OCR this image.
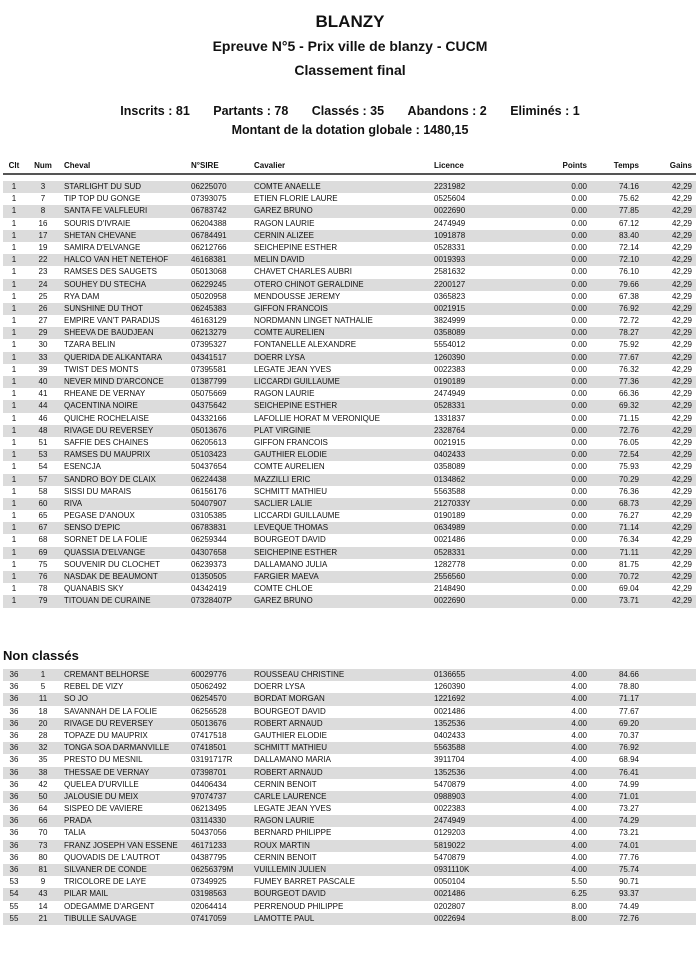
BLANZY
Epreuve N°5 - Prix ville de blanzy - CUCM
Classement final
Inscrits : 81 Partants : 78 Classés : 35 Abandons : 2 Eliminés : 1
Montant de la dotation globale : 1480,15
Clt	Num	Cheval	N°SIRE	Cavalier	Licence	Points	Temps	Gains
1	3	STARLIGHT DU SUD	06225070	COMTE ANAELLE	2231982	0.00	74.16	42,29
1	7	TIP TOP DU GONGE	07393075	ETIEN FLORIE LAURE	0525604	0.00	75.62	42,29
1	8	SANTA FE VALFLEURI	06783742	GAREZ BRUNO	0022690	0.00	77.85	42,29
1	16	SOURIS D'IVRAIE	06204388	RAGON LAURIE	2474949	0.00	67.12	42,29
1	17	SHETAN CHEVANE	06784491	CERNIN ALIZEE	1091878	0.00	83.40	42,29
1	19	SAMIRA D'ELVANGE	06212766	SEICHEPINE ESTHER	0528331	0.00	72.14	42,29
1	22	HALCO VAN HET NETEHOF	46168381	MELIN DAVID	0019393	0.00	72.10	42,29
1	23	RAMSES DES SAUGETS	05013068	CHAVET CHARLES AUBRI	2581632	0.00	76.10	42,29
1	24	SOUHEY DU STECHA	06229245	OTERO CHINOT GERALDINE	2200127	0.00	79.66	42,29
1	25	RYA DAM	05020958	MENDOUSSE JEREMY	0365823	0.00	67.38	42,29
1	26	SUNSHINE DU THOT	06245383	GIFFON FRANCOIS	0021915	0.00	76.92	42,29
1	27	EMPIRE VAN'T PARADIJS	46163129	NORDMANN LINGET NATHALIE	3824999	0.00	72.72	42,29
1	29	SHEEVA DE BAUDJEAN	06213279	COMTE AURELIEN	0358089	0.00	78.27	42,29
1	30	TZARA BELIN	07395327	FONTANELLE ALEXANDRE	5554012	0.00	75.92	42,29
1	33	QUERIDA DE ALKANTARA	04341517	DOERR LYSA	1260390	0.00	77.67	42,29
1	39	TWIST DES MONTS	07395581	LEGATE JEAN YVES	0022383	0.00	76.32	42,29
1	40	NEVER MIND D'ARCONCE	01387799	LICCARDI GUILLAUME	0190189	0.00	77.36	42,29
1	41	RHEANE DE VERNAY	05075669	RAGON LAURIE	2474949	0.00	66.36	42,29
1	44	QACENTINA NOIRE	04375642	SEICHEPINE ESTHER	0528331	0.00	69.32	42,29
1	46	QUICHE ROCHELAISE	04332166	LAFOLLIE HORAT M VERONIQUE	1331837	0.00	71.15	42,29
1	48	RIVAGE DU REVERSEY	05013676	PLAT VIRGINIE	2328764	0.00	72.76	42,29
1	51	SAFFIE DES CHAINES	06205613	GIFFON FRANCOIS	0021915	0.00	76.05	42,29
1	53	RAMSES DU MAUPRIX	05103423	GAUTHIER ELODIE	0402433	0.00	72.54	42,29
1	54	ESENCJA	50437654	COMTE AURELIEN	0358089	0.00	75.93	42,29
1	57	SANDRO BOY DE CLAIX	06224438	MAZZILLI ERIC	0134862	0.00	70.29	42,29
1	58	SISSI DU MARAIS	06156176	SCHMITT MATHIEU	5563588	0.00	76.36	42,29
1	60	RIVA	50407907	SACLIER LALIE	2127033Y	0.00	68.73	42,29
1	65	PEGASE D'ANOUX	03105385	LICCARDI GUILLAUME	0190189	0.00	76.27	42,29
1	67	SENSO D'EPIC	06783831	LEVEQUE THOMAS	0634989	0.00	71.14	42,29
1	68	SORNET DE LA FOLIE	06259344	BOURGEOT DAVID	0021486	0.00	76.34	42,29
1	69	QUASSIA D'ELVANGE	04307658	SEICHEPINE ESTHER	0528331	0.00	71.11	42,29
1	75	SOUVENIR DU CLOCHET	06239373	DALLAMANO JULIA	1282778	0.00	81.75	42,29
1	76	NASDAK DE BEAUMONT	01350505	FARGIER MAEVA	2556560	0.00	70.72	42,29
1	78	QUANABIS SKY	04342419	COMTE CHLOE	2148490	0.00	69.04	42,29
1	79	TITOUAN DE CURAINE	07328407P	GAREZ BRUNO	0022690	0.00	73.71	42,29
Non classés
36	1	CREMANT BELHORSE	60029776	ROUSSEAU CHRISTINE	0136655	4.00	84.66
36	5	REBEL DE VIZY	05062492	DOERR LYSA	1260390	4.00	78.80
36	11	SO JO	06254570	BORDAT MORGAN	1221692	4.00	71.17
36	18	SAVANNAH DE LA FOLIE	06256528	BOURGEOT DAVID	0021486	4.00	77.67
36	20	RIVAGE DU REVERSEY	05013676	ROBERT ARNAUD	1352536	4.00	69.20
36	28	TOPAZE DU MAUPRIX	07417518	GAUTHIER ELODIE	0402433	4.00	70.37
36	32	TONGA SOA DARMANVILLE	07418501	SCHMITT MATHIEU	5563588	4.00	76.92
36	35	PRESTO DU MESNIL	03191717R	DALLAMANO MARIA	3911704	4.00	68.94
36	38	THESSAE DE VERNAY	07398701	ROBERT ARNAUD	1352536	4.00	76.41
36	42	QUELEA D'URVILLE	04406434	CERNIN BENOIT	5470879	4.00	74.99
36	50	JALOUSIE DU MEIX	97074737	CARLE LAURENCE	0988903	4.00	71.01
36	64	SISPEO DE VAVIERE	06213495	LEGATE JEAN YVES	0022383	4.00	73.27
36	66	PRADA	03114330	RAGON LAURIE	2474949	4.00	74.29
36	70	TALIA	50437056	BERNARD PHILIPPE	0129203	4.00	73.21
36	73	FRANZ JOSEPH VAN ESSENE 46171233	ROUX MARTIN	5819022	4.00	74.01
36	80	QUOVADIS DE L'AUTROT	04387795	CERNIN BENOIT	5470879	4.00	77.76
36	81	SILVANER DE CONDE	06256379M	VUILLEMIN JULIEN	0931110K	4.00	75.74
53	9	TRICOLORE DE LAYE	07349925	FUMEY BARRET PASCALE	0050104	5.50	90.71
54	43	PILAR MAIL	03198563	BOURGEOT DAVID	0021486	6.25	93.37
55	14	ODEGAMME D'ARGENT	02064414	PERRENOUD PHILIPPE	0202807	8.00	74.49
55	21	TIBULLE SAUVAGE	07417059	LAMOTTE PAUL	0022694	8.00	72.76
